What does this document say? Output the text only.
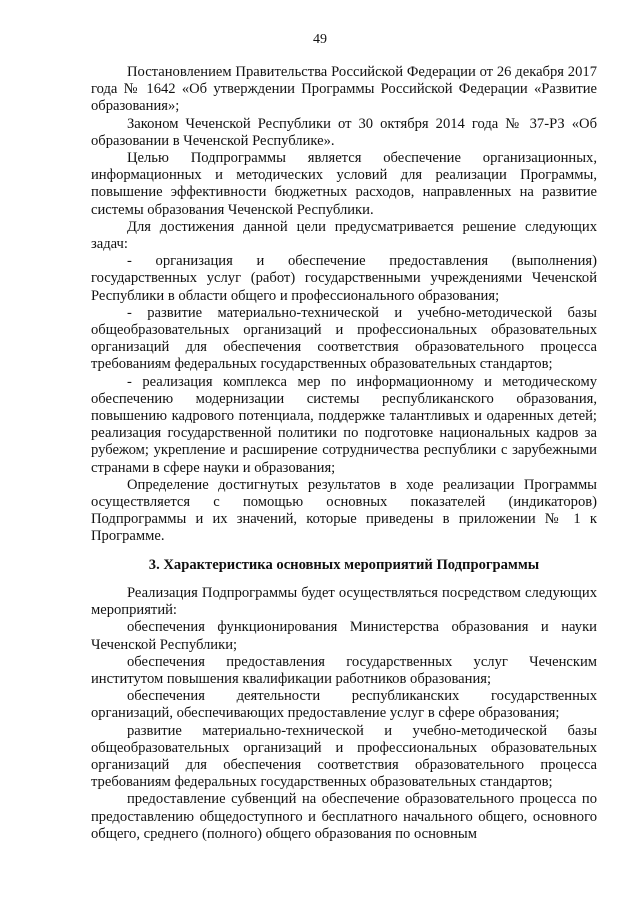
49

Постановлением Правительства Российской Федерации от 26 декабря 2017 года № 1642 «Об утверждении Программы Российской Федерации «Развитие образования»;

Законом Чеченской Республики от 30 октября 2014 года № 37-РЗ «Об образовании в Чеченской Республике».

Целью Подпрограммы является обеспечение организационных, информационных и методических условий для реализации Программы, повышение эффективности бюджетных расходов, направленных на развитие системы образования Чеченской Республики.

Для достижения данной цели предусматривается решение следующих задач:

- организация и обеспечение предоставления (выполнения) государственных услуг (работ) государственными учреждениями Чеченской Республики в области общего и профессионального образования;

- развитие материально-технической и учебно-методической базы общеобразовательных организаций и профессиональных образовательных организаций для обеспечения соответствия образовательного процесса требованиям федеральных государственных образовательных стандартов;

- реализация комплекса мер по информационному и методическому обеспечению модернизации системы республиканского образования, повышению кадрового потенциала, поддержке талантливых и одаренных детей; реализация государственной политики по подготовке национальных кадров за рубежом; укрепление и расширение сотрудничества республики с зарубежными странами в сфере науки и образования;

Определение достигнутых результатов в ходе реализации Программы осуществляется с помощью основных показателей (индикаторов) Подпрограммы и их значений, которые приведены в приложении № 1 к Программе.

3. Характеристика основных мероприятий Подпрограммы

Реализация Подпрограммы будет осуществляться посредством следующих мероприятий:

обеспечения функционирования Министерства образования и науки Чеченской Республики;

обеспечения предоставления государственных услуг Чеченским институтом повышения квалификации работников образования;

обеспечения деятельности республиканских государственных организаций, обеспечивающих предоставление услуг в сфере образования;

развитие материально-технической и учебно-методической базы общеобразовательных организаций и профессиональных образовательных организаций для обеспечения соответствия образовательного процесса требованиям федеральных государственных образовательных стандартов;

предоставление субвенций на обеспечение образовательного процесса по предоставлению общедоступного и бесплатного начального общего, основного общего, среднего (полного) общего образования по основным
